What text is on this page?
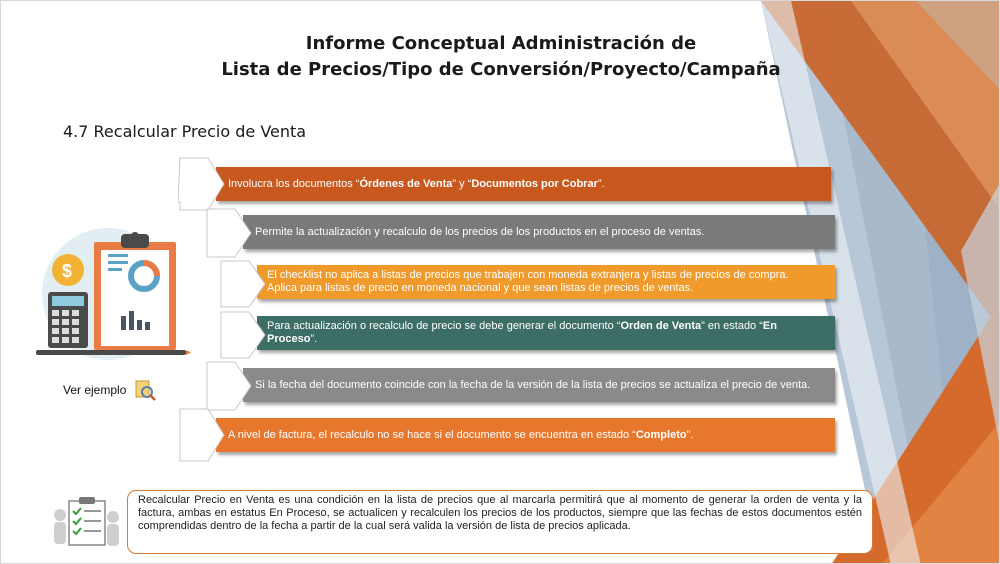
Informe Conceptual Administración de
Lista de Precios/Tipo de Conversión/Proyecto/Campaña
4.7 Recalcular Precio de Venta
$
Ver ejemplo
Involucra los documentos “Órdenes de Venta” y “Documentos por Cobrar”.
Permite la actualización y recalculo de los precios de los productos en el proceso de ventas.
El checklist no aplica a listas de precios que trabajen con moneda extranjera y listas de precios de compra. Aplica para listas de precio en moneda nacional y que sean listas de precios de ventas.
Para actualización o recalculo de precio se debe generar el documento “Orden de Venta” en estado “En Proceso”.
Si la fecha del documento coincide con la fecha de la versión de la lista de precios se actualiza el precio de venta.
A nivel de factura, el recalculo no se hace si el documento se encuentra en estado “Completo”.
Recalcular Precio en Venta es una condición en la lista de precios que al marcarla permitirá que al momento de generar la orden de venta y la factura, ambas en estatus En Proceso, se actualicen y recalculen los precios de los productos, siempre que las fechas de estos documentos estén comprendidas dentro de la fecha a partir de la cual será valida la versión de lista de precios aplicada.
